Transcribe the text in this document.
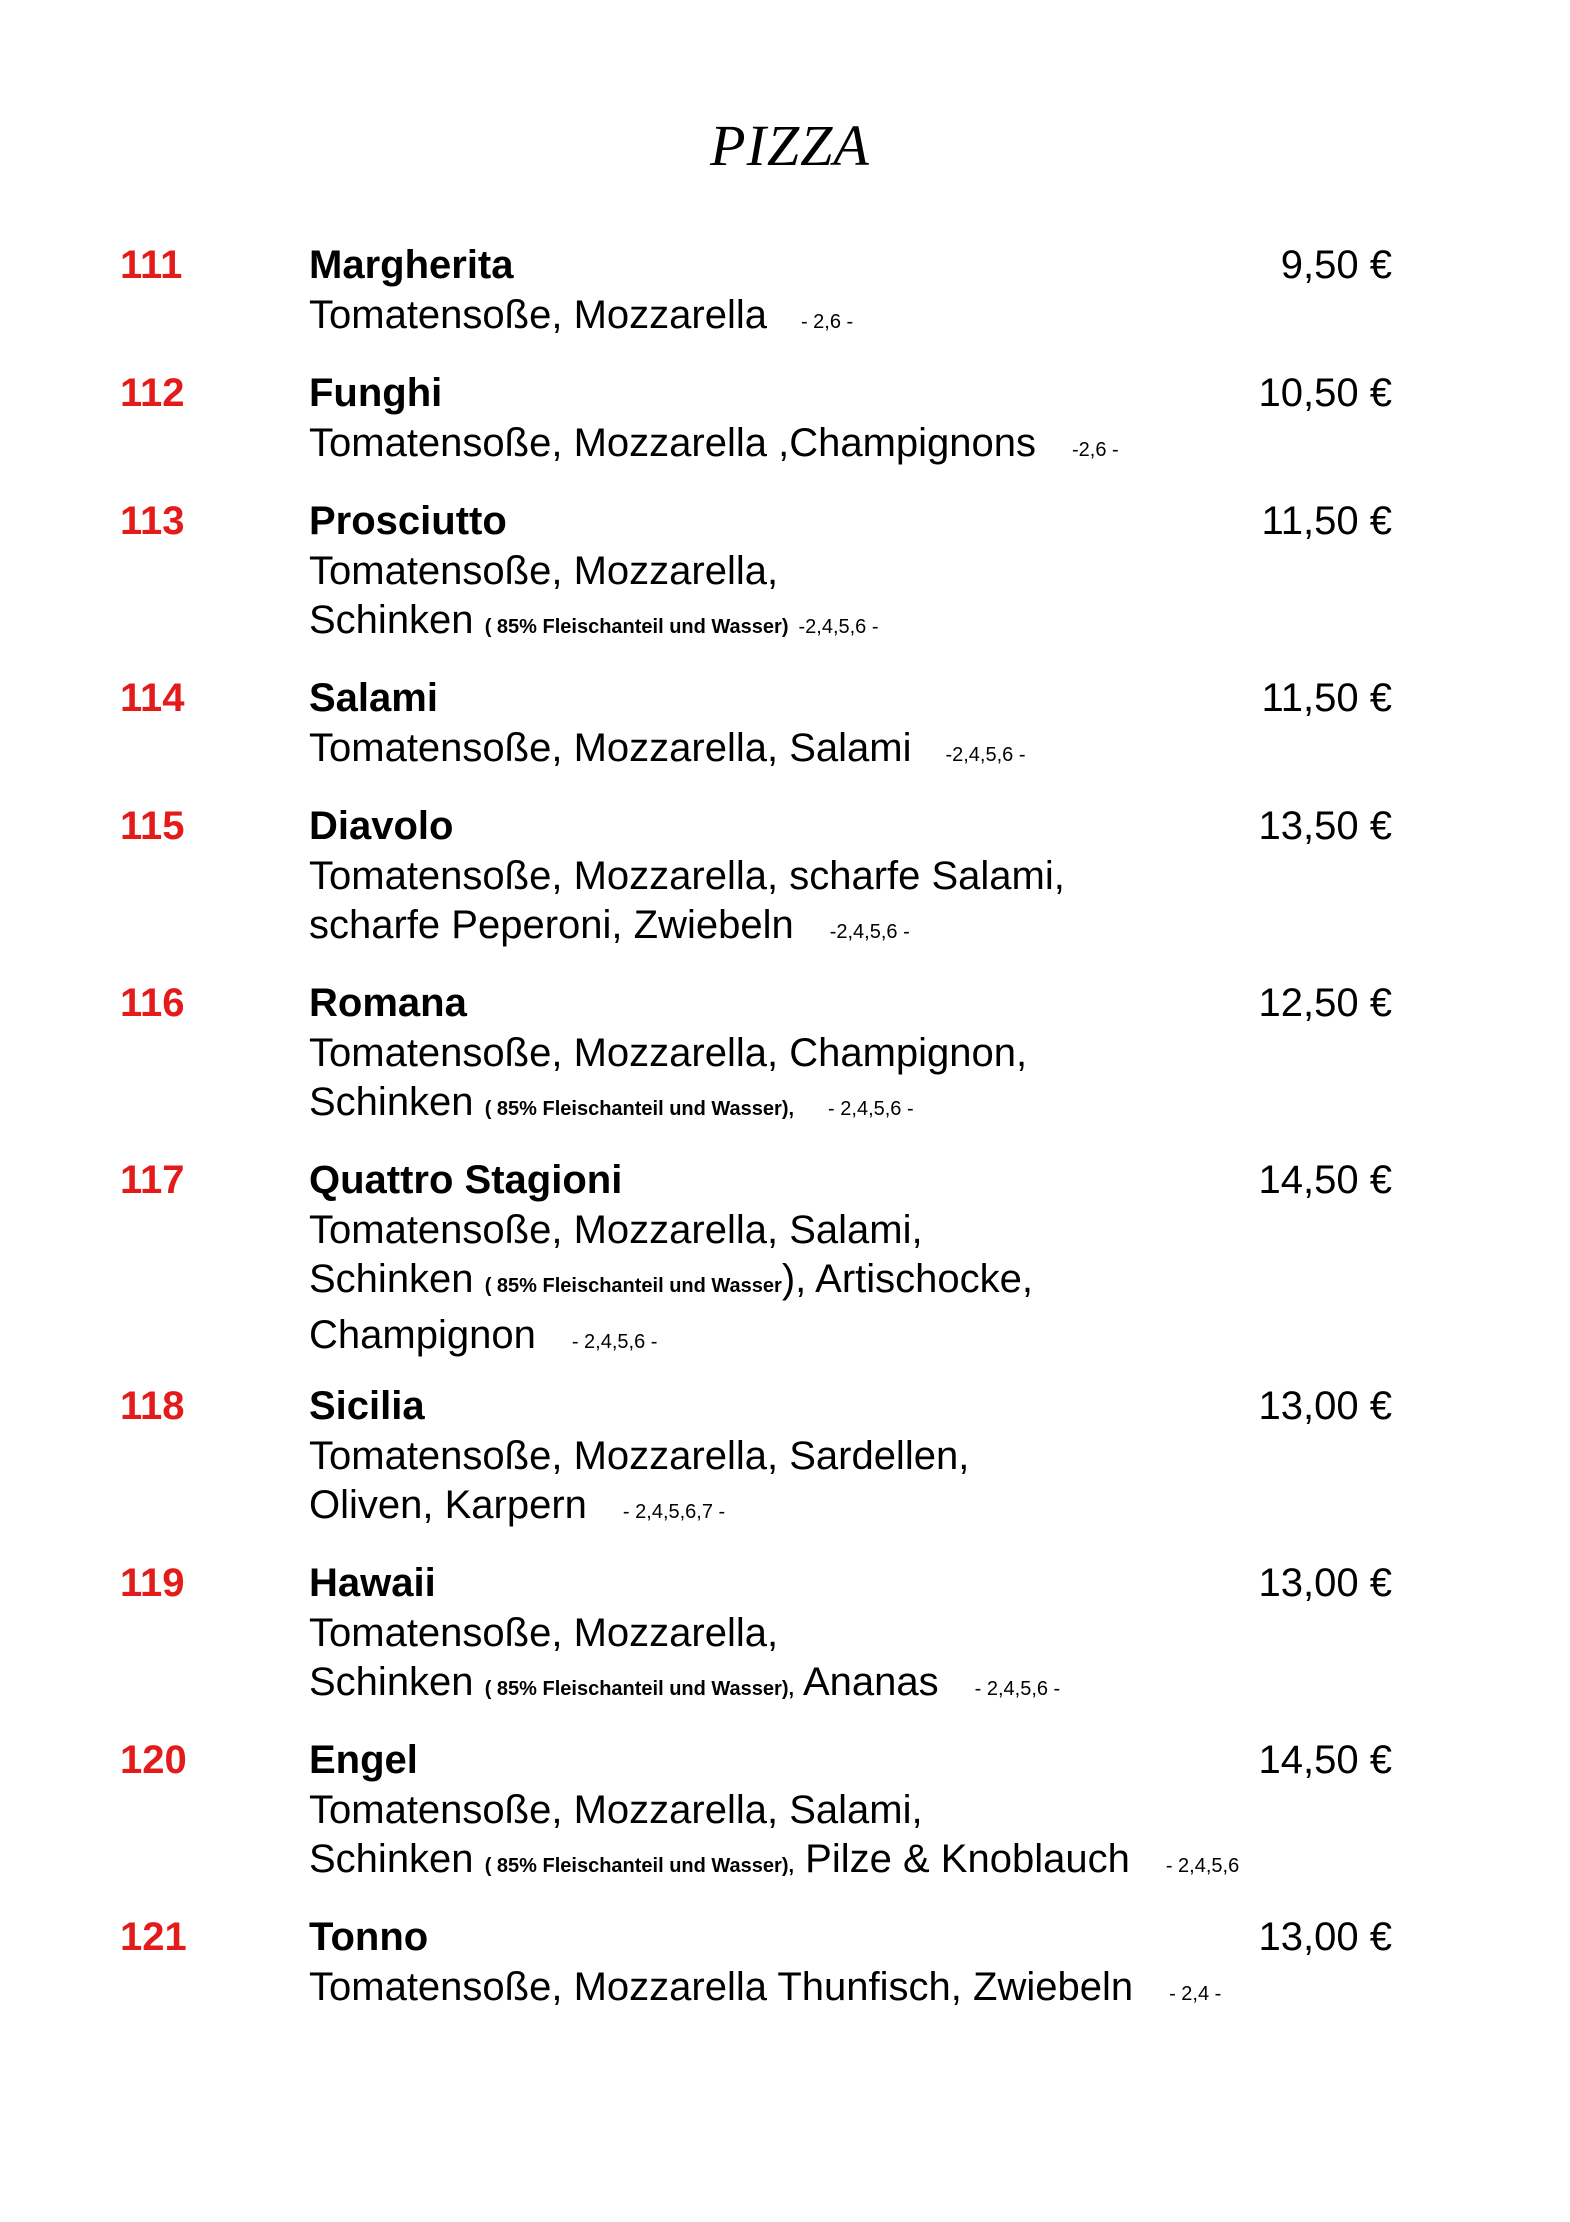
PIZZA
111	Margherita	9,50 €
Tomatensoße, Mozzarella - 2,6 -
112	Funghi	10,50 €
Tomatensoße, Mozzarella ,Champignons -2,6 -
113	Prosciutto	11,50 €
Tomatensoße, Mozzarella,
Schinken ( 85% Fleischanteil und Wasser) -2,4,5,6 -
114	Salami	11,50 €
Tomatensoße, Mozzarella, Salami -2,4,5,6 -
115	Diavolo	13,50 €
Tomatensoße, Mozzarella, scharfe Salami,
scharfe Peperoni, Zwiebeln -2,4,5,6 -
116	Romana	12,50 €
Tomatensoße, Mozzarella, Champignon,
Schinken ( 85% Fleischanteil und Wasser), - 2,4,5,6 -
117	Quattro Stagioni	14,50 €
Tomatensoße, Mozzarella, Salami,
Schinken ( 85% Fleischanteil und Wasser), Artischocke,
Champignon - 2,4,5,6 -
118	Sicilia	13,00 €
Tomatensoße, Mozzarella, Sardellen,
Oliven, Karpern - 2,4,5,6,7 -
119	Hawaii	13,00 €
Tomatensoße, Mozzarella,
Schinken ( 85% Fleischanteil und Wasser), Ananas - 2,4,5,6 -
120	Engel	14,50 €
Tomatensoße, Mozzarella, Salami,
Schinken ( 85% Fleischanteil und Wasser), Pilze & Knoblauch - 2,4,5,6
121	Tonno	13,00 €
Tomatensoße, Mozzarella Thunfisch, Zwiebeln - 2,4 -
